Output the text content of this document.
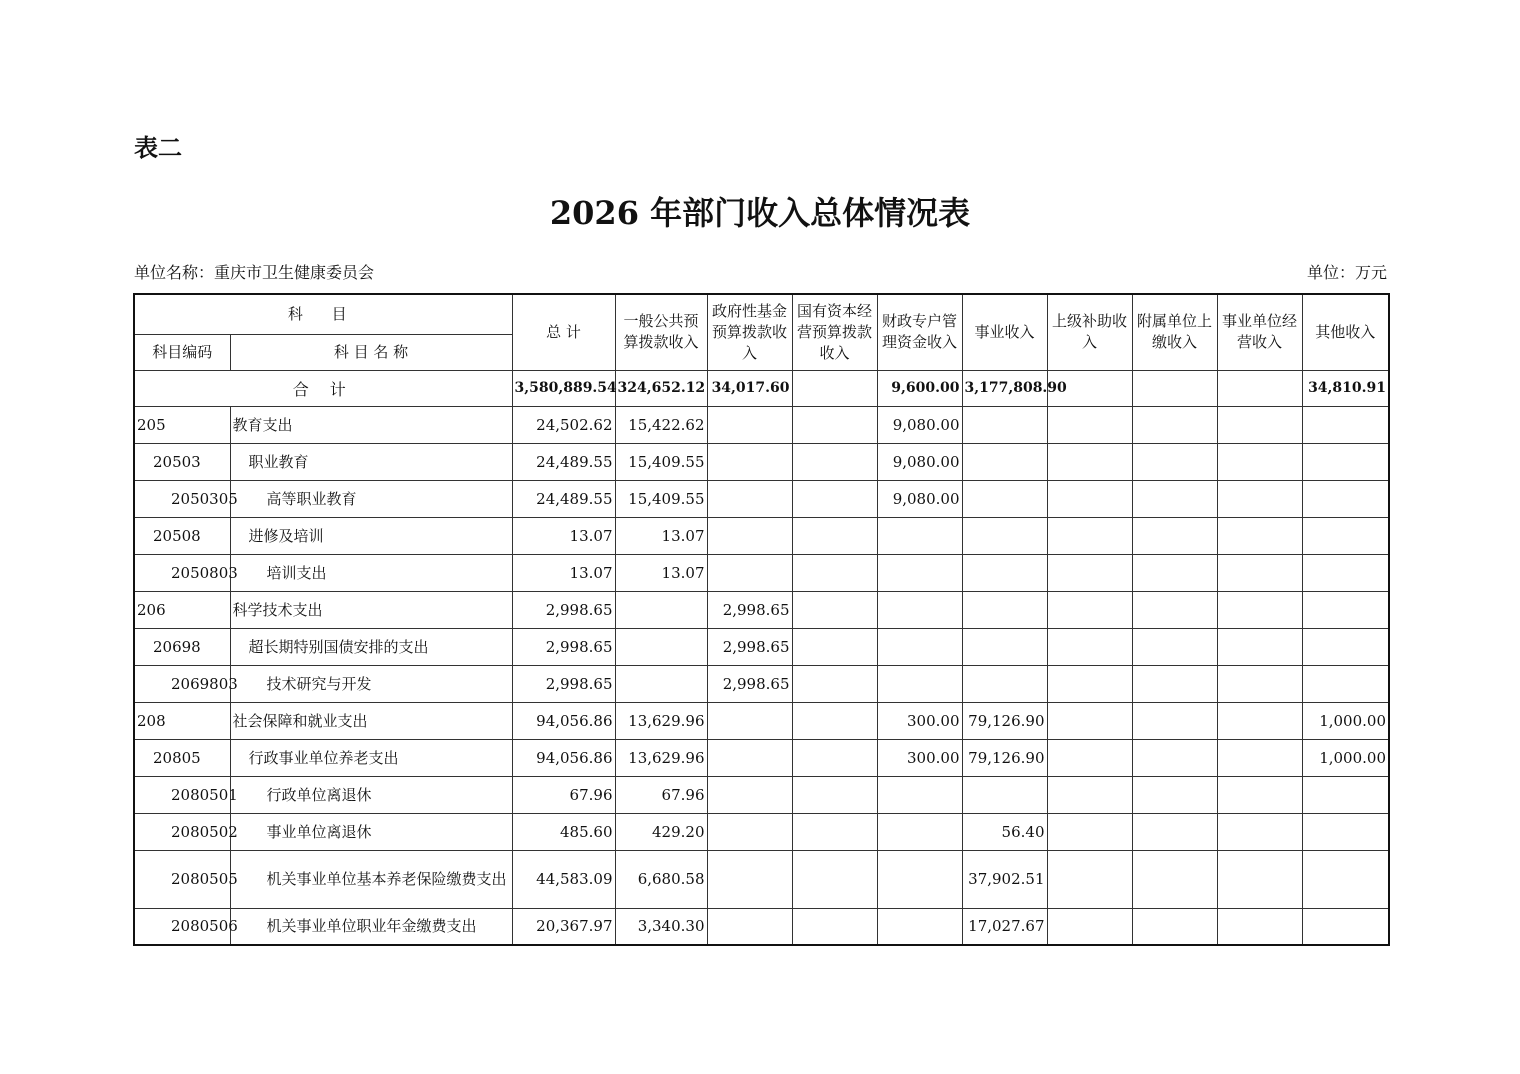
表二
2026 年部门收入总体情况表
单位名称：重庆市卫生健康委员会	单位：万元
科 目		总 计	一般公共预算拨款收入	政府性基金预算拨款收入	国有资本经营预算拨款收入	财政专户管理资金收入	事业收入	上级补助收入	附属单位上缴收入	事业单位经营收入	其他收入
科目编码	科 目 名 称										
合 计		3,580,889.54	324,652.12	34,017.60		9,600.00	3,177,808.90				34,810.91
205	教育支出	24,502.62	15,422.62			9,080.00					
20503	职业教育	24,489.55	15,409.55			9,080.00					
2050305	高等职业教育	24,489.55	15,409.55			9,080.00					
20508	进修及培训	13.07	13.07								
2050803	培训支出	13.07	13.07								
206	科学技术支出	2,998.65		2,998.65							
20698	超长期特别国债安排的支出	2,998.65		2,998.65							
2069803	技术研究与开发	2,998.65		2,998.65							
208	社会保障和就业支出	94,056.86	13,629.96			300.00	79,126.90				1,000.00
20805	行政事业单位养老支出	94,056.86	13,629.96			300.00	79,126.90				1,000.00
2080501	行政单位离退休	67.96	67.96								
2080502	事业单位离退休	485.60	429.20				56.40				
2080505	机关事业单位基本养老保险缴费支出	44,583.09	6,680.58				37,902.51				
2080506	机关事业单位职业年金缴费支出	20,367.97	3,340.30				17,027.67				
